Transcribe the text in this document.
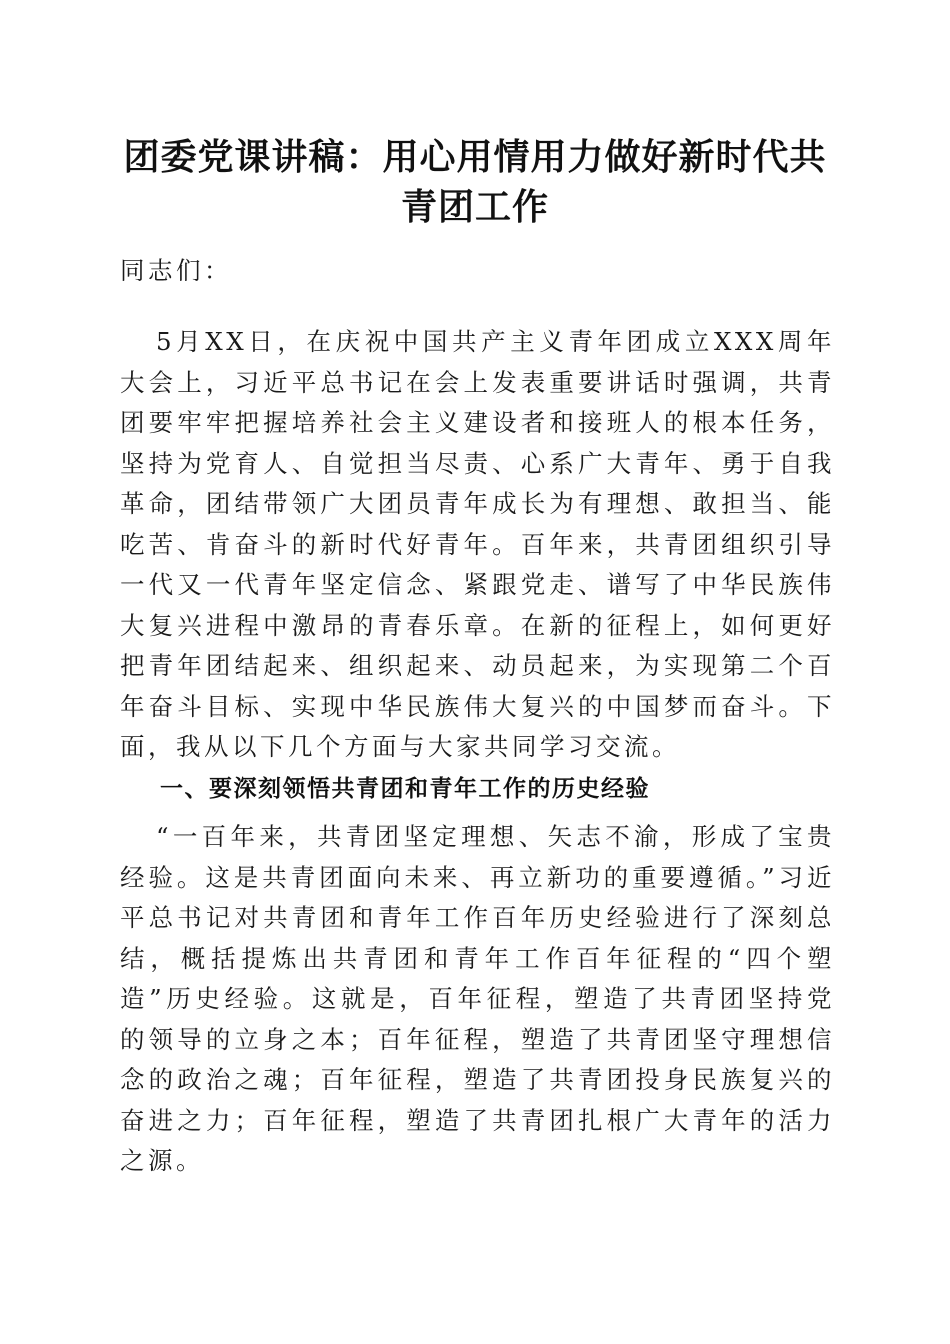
团委党课讲稿：用心用情用力做好新时代共青团工作

同志们：

5月XX日，在庆祝中国共产主义青年团成立XXX周年大会上，习近平总书记在会上发表重要讲话时强调，共青团要牢牢把握培养社会主义建设者和接班人的根本任务，坚持为党育人、自觉担当尽责、心系广大青年、勇于自我革命，团结带领广大团员青年成长为有理想、敢担当、能吃苦、肯奋斗的新时代好青年。百年来，共青团组织引导一代又一代青年坚定信念、紧跟党走、谱写了中华民族伟大复兴进程中激昂的青春乐章。在新的征程上，如何更好把青年团结起来、组织起来、动员起来，为实现第二个百年奋斗目标、实现中华民族伟大复兴的中国梦而奋斗。下面，我从以下几个方面与大家共同学习交流。

一、要深刻领悟共青团和青年工作的历史经验

“一百年来，共青团坚定理想、矢志不渝，形成了宝贵经验。这是共青团面向未来、再立新功的重要遵循。”习近平总书记对共青团和青年工作百年历史经验进行了深刻总结，概括提炼出共青团和青年工作百年征程的“四个塑造”历史经验。这就是，百年征程，塑造了共青团坚持党的领导的立身之本；百年征程，塑造了共青团坚守理想信念的政治之魂；百年征程，塑造了共青团投身民族复兴的奋进之力；百年征程，塑造了共青团扎根广大青年的活力之源。
